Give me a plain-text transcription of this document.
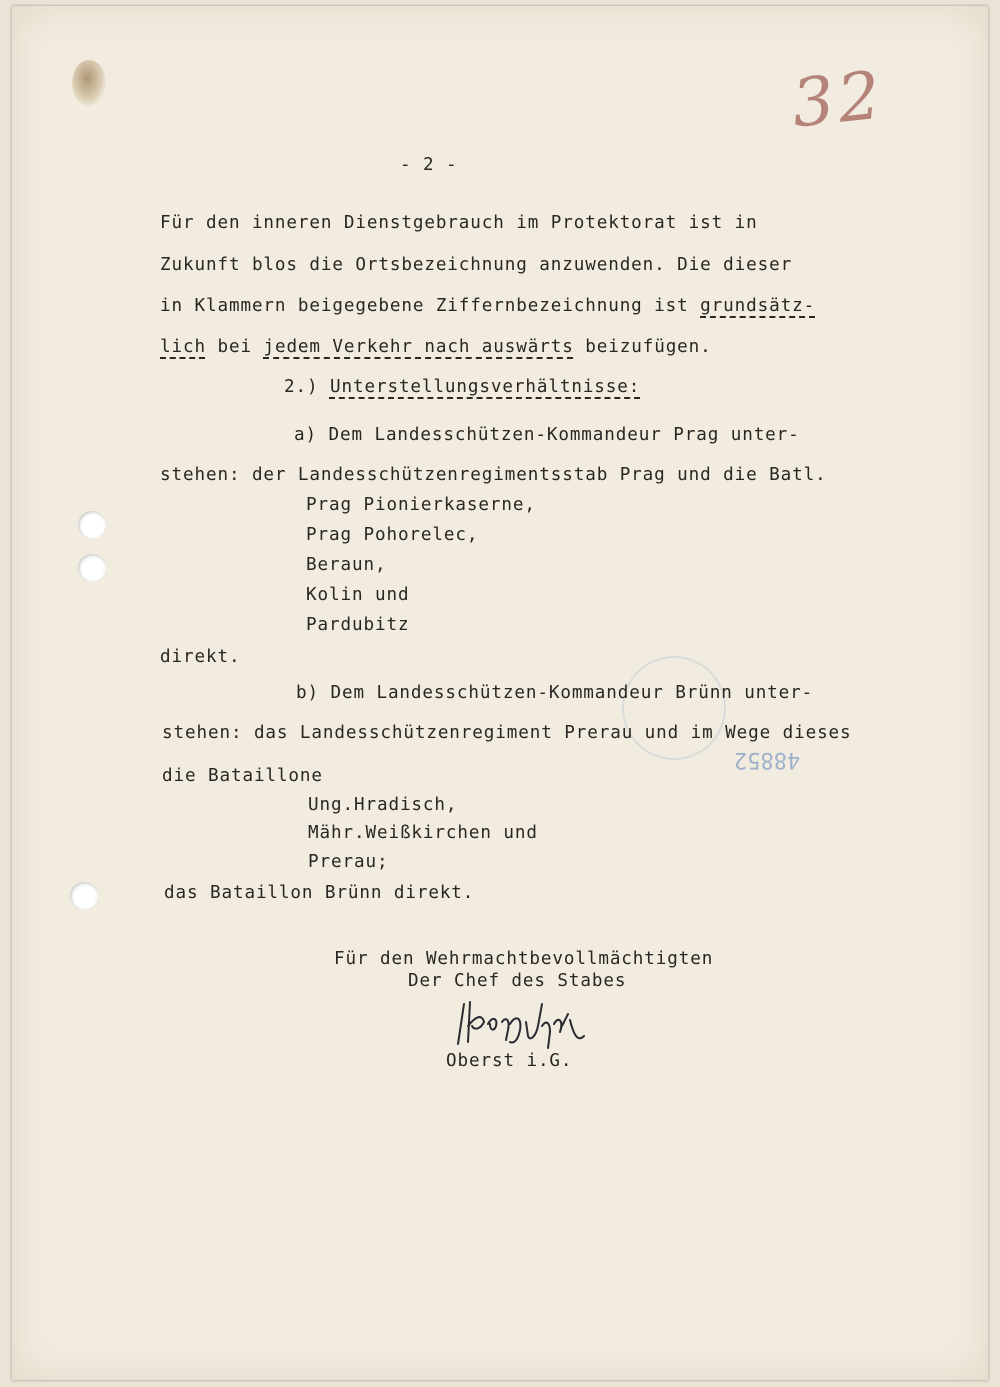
32
48852
- 2 -
Für den inneren Dienstgebrauch im Protektorat ist in
Zukunft blos die Ortsbezeichnung anzuwenden. Die dieser
in Klammern beigegebene Ziffernbezeichnung ist grundsätz-
lich bei jedem Verkehr nach auswärts beizufügen.
2.) Unterstellungsverhältnisse:
a) Dem Landesschützen-Kommandeur Prag unter-
stehen: der Landesschützenregimentsstab Prag und die Batl.
Prag Pionierkaserne,
Prag Pohorelec,
Beraun,
Kolin und
Pardubitz
direkt.
b) Dem Landesschützen-Kommandeur Brünn unter-
stehen: das Landesschützenregiment Prerau und im Wege dieses
die Bataillone
Ung.Hradisch,
Mähr.Weißkirchen und
Prerau;
das Bataillon Brünn direkt.
Für den Wehrmachtbevollmächtigten
Der Chef des Stabes
Oberst i.G.
